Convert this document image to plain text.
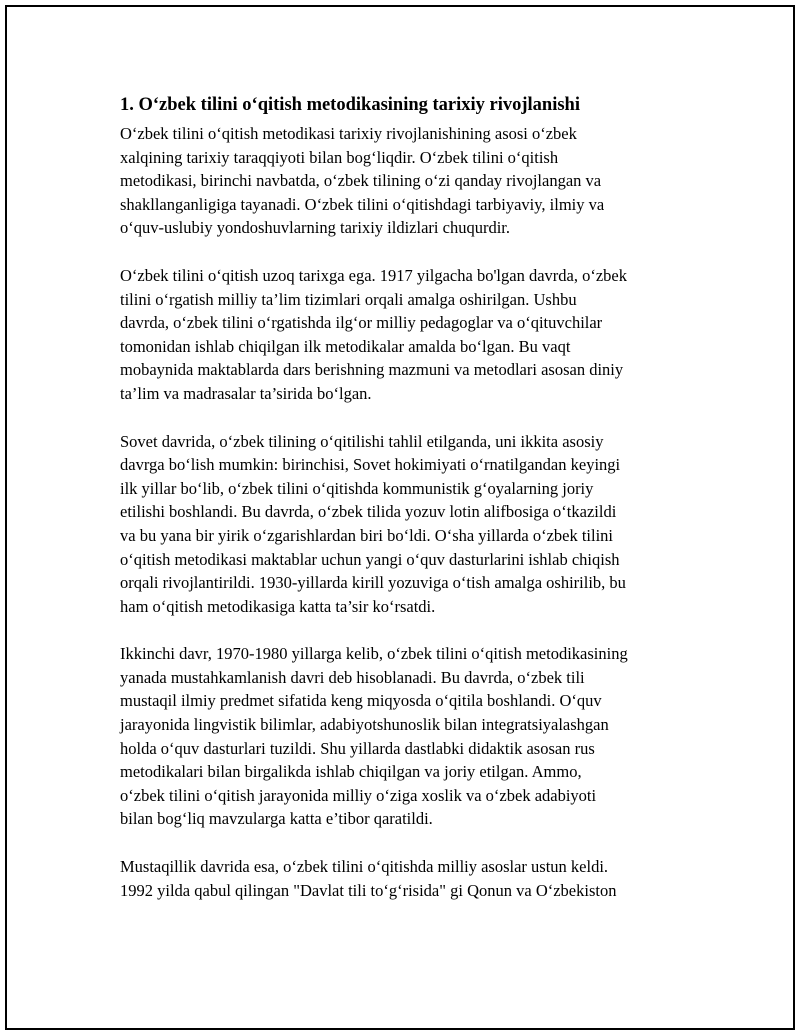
1. O‘zbek tilini o‘qitish metodikasining tarixiy rivojlanishi
O‘zbek tilini o‘qitish metodikasi tarixiy rivojlanishining asosi o‘zbek
xalqining tarixiy taraqqiyoti bilan bog‘liqdir. O‘zbek tilini o‘qitish
metodikasi, birinchi navbatda, o‘zbek tilining o‘zi qanday rivojlangan va
shakllanganligiga tayanadi. O‘zbek tilini o‘qitishdagi tarbiyaviy, ilmiy va
o‘quv-uslubiy yondoshuvlarning tarixiy ildizlari chuqurdir.
O‘zbek tilini o‘qitish uzoq tarixga ega. 1917 yilgacha bo'lgan davrda, o‘zbek
tilini o‘rgatish milliy ta’lim tizimlari orqali amalga oshirilgan. Ushbu
davrda, o‘zbek tilini o‘rgatishda ilg‘or milliy pedagoglar va o‘qituvchilar
tomonidan ishlab chiqilgan ilk metodikalar amalda bo‘lgan. Bu vaqt
mobaynida maktablarda dars berishning mazmuni va metodlari asosan diniy
ta’lim va madrasalar ta’sirida bo‘lgan.
Sovet davrida, o‘zbek tilining o‘qitilishi tahlil etilganda, uni ikkita asosiy
davrga bo‘lish mumkin: birinchisi, Sovet hokimiyati o‘rnatilgandan keyingi
ilk yillar bo‘lib, o‘zbek tilini o‘qitishda kommunistik g‘oyalarning joriy
etilishi boshlandi. Bu davrda, o‘zbek tilida yozuv lotin alifbosiga o‘tkazildi
va bu yana bir yirik o‘zgarishlardan biri bo‘ldi. O‘sha yillarda o‘zbek tilini
o‘qitish metodikasi maktablar uchun yangi o‘quv dasturlarini ishlab chiqish
orqali rivojlantirildi. 1930-yillarda kirill yozuviga o‘tish amalga oshirilib, bu
ham o‘qitish metodikasiga katta ta’sir ko‘rsatdi.
Ikkinchi davr, 1970-1980 yillarga kelib, o‘zbek tilini o‘qitish metodikasining
yanada mustahkamlanish davri deb hisoblanadi. Bu davrda, o‘zbek tili
mustaqil ilmiy predmet sifatida keng miqyosda o‘qitila boshlandi. O‘quv
jarayonida lingvistik bilimlar, adabiyotshunoslik bilan integratsiyalashgan
holda o‘quv dasturlari tuzildi. Shu yillarda dastlabki didaktik asosan rus
metodikalari bilan birgalikda ishlab chiqilgan va joriy etilgan. Ammo,
o‘zbek tilini o‘qitish jarayonida milliy o‘ziga xoslik va o‘zbek adabiyoti
bilan bog‘liq mavzularga katta e’tibor qaratildi.
Mustaqillik davrida esa, o‘zbek tilini o‘qitishda milliy asoslar ustun keldi.
1992 yilda qabul qilingan "Davlat tili to‘g‘risida" gi Qonun va O‘zbekiston
